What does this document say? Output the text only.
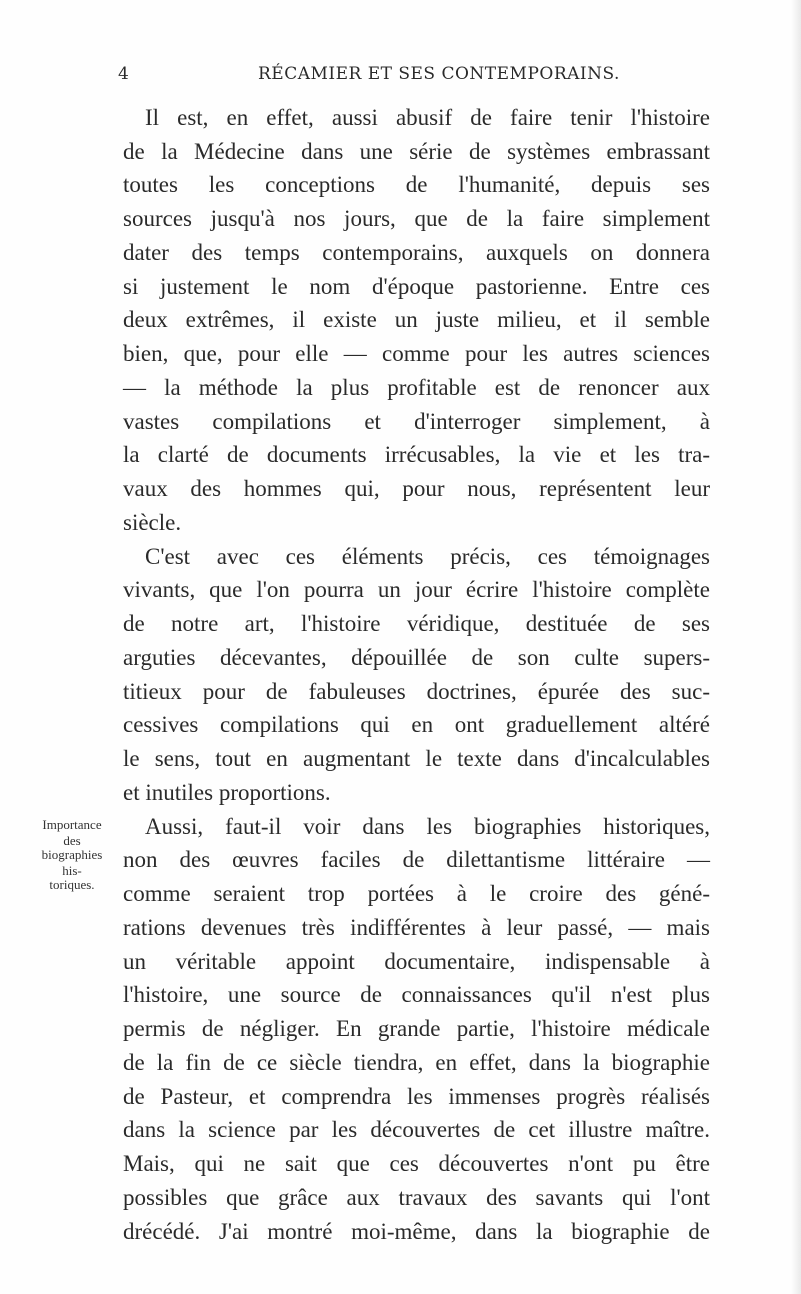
4	RÉCAMIER ET SES CONTEMPORAINS.
Il est, en effet, aussi abusif de faire tenir l'histoire
de la Médecine dans une série de systèmes embrassant
toutes les conceptions de l'humanité, depuis ses
sources jusqu'à nos jours, que de la faire simplement
dater des temps contemporains, auxquels on donnera
si justement le nom d'époque pastorienne. Entre ces
deux extrêmes, il existe un juste milieu, et il semble
bien, que, pour elle — comme pour les autres sciences
— la méthode la plus profitable est de renoncer aux
vastes compilations et d'interroger simplement, à
la clarté de documents irrécusables, la vie et les tra-
vaux des hommes qui, pour nous, représentent leur
siècle.
C'est avec ces éléments précis, ces témoignages
vivants, que l'on pourra un jour écrire l'histoire complète
de notre art, l'histoire véridique, destituée de ses
arguties décevantes, dépouillée de son culte supers-
titieux pour de fabuleuses doctrines, épurée des suc-
cessives compilations qui en ont graduellement altéré
le sens, tout en augmentant le texte dans d'incalculables
et inutiles proportions.
Aussi, faut-il voir dans les biographies historiques,
non des œuvres faciles de dilettantisme littéraire —
comme seraient trop portées à le croire des géné-
rations devenues très indifférentes à leur passé, — mais
un véritable appoint documentaire, indispensable à
l'histoire, une source de connaissances qu'il n'est plus
permis de négliger. En grande partie, l'histoire médicale
de la fin de ce siècle tiendra, en effet, dans la biographie
de Pasteur, et comprendra les immenses progrès réalisés
dans la science par les découvertes de cet illustre maître.
Mais, qui ne sait que ces découvertes n'ont pu être
possibles que grâce aux travaux des savants qui l'ont
drécédé. J'ai montré moi-même, dans la biographie de
Importance
des
biographies
his-
toriques.
